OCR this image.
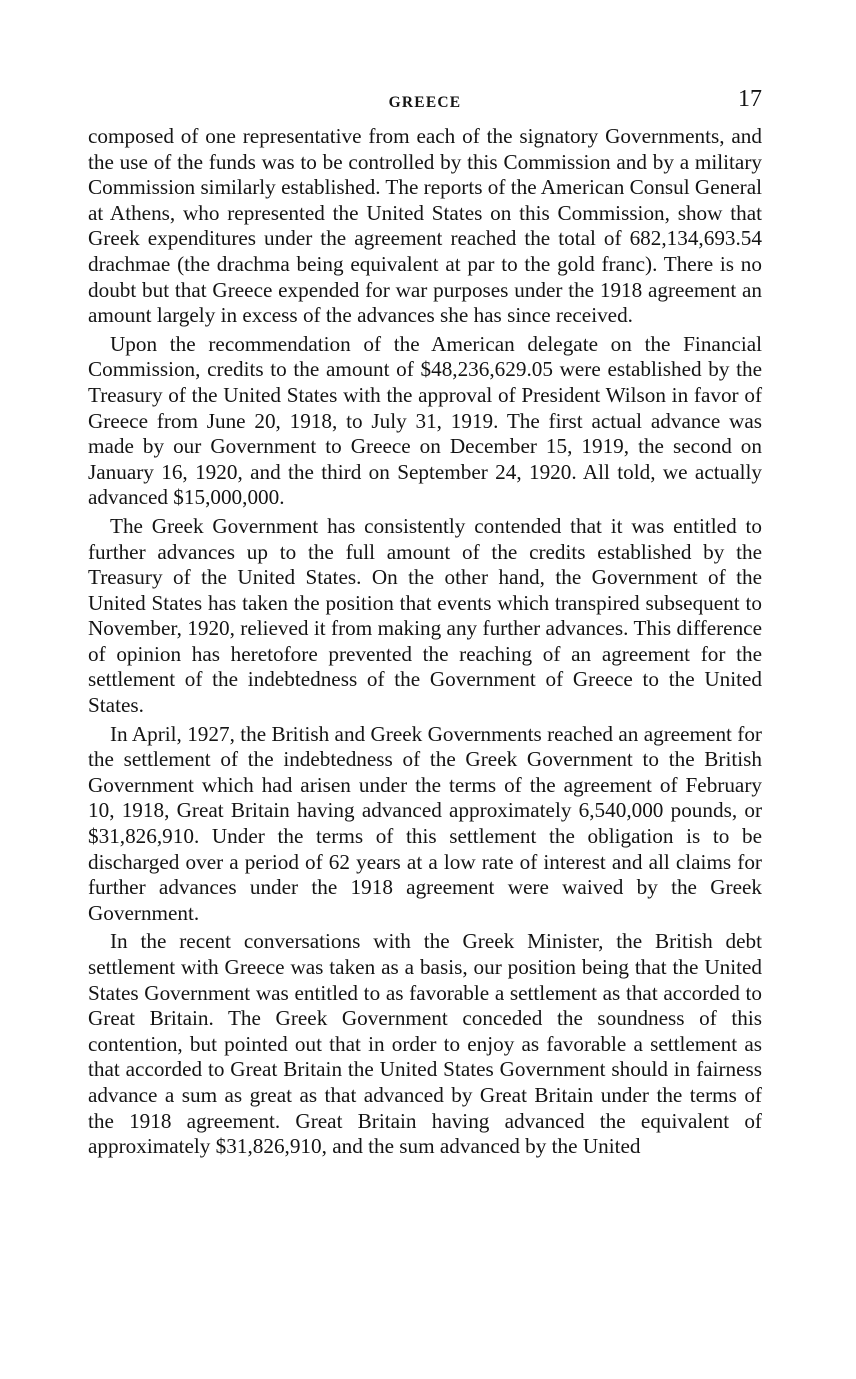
GREECE	17

composed of one representative from each of the signatory Governments, and the use of the funds was to be controlled by this Commission and by a military Commission similarly established. The reports of the American Consul General at Athens, who represented the United States on this Commission, show that Greek expenditures under the agreement reached the total of 682,134,693.54 drachmae (the drachma being equivalent at par to the gold franc). There is no doubt but that Greece expended for war purposes under the 1918 agreement an amount largely in excess of the advances she has since received.

Upon the recommendation of the American delegate on the Financial Commission, credits to the amount of $48,236,629.05 were established by the Treasury of the United States with the approval of President Wilson in favor of Greece from June 20, 1918, to July 31, 1919. The first actual advance was made by our Government to Greece on December 15, 1919, the second on January 16, 1920, and the third on September 24, 1920. All told, we actually advanced $15,000,000.

The Greek Government has consistently contended that it was entitled to further advances up to the full amount of the credits established by the Treasury of the United States. On the other hand, the Government of the United States has taken the position that events which transpired subsequent to November, 1920, relieved it from making any further advances. This difference of opinion has heretofore prevented the reaching of an agreement for the settlement of the indebtedness of the Government of Greece to the United States.

In April, 1927, the British and Greek Governments reached an agreement for the settlement of the indebtedness of the Greek Government to the British Government which had arisen under the terms of the agreement of February 10, 1918, Great Britain having advanced approximately 6,540,000 pounds, or $31,826,910. Under the terms of this settlement the obligation is to be discharged over a period of 62 years at a low rate of interest and all claims for further advances under the 1918 agreement were waived by the Greek Government.

In the recent conversations with the Greek Minister, the British debt settlement with Greece was taken as a basis, our position being that the United States Government was entitled to as favorable a settlement as that accorded to Great Britain. The Greek Government conceded the soundness of this contention, but pointed out that in order to enjoy as favorable a settlement as that accorded to Great Britain the United States Government should in fairness advance a sum as great as that advanced by Great Britain under the terms of the 1918 agreement. Great Britain having advanced the equivalent of approximately $31,826,910, and the sum advanced by the United
